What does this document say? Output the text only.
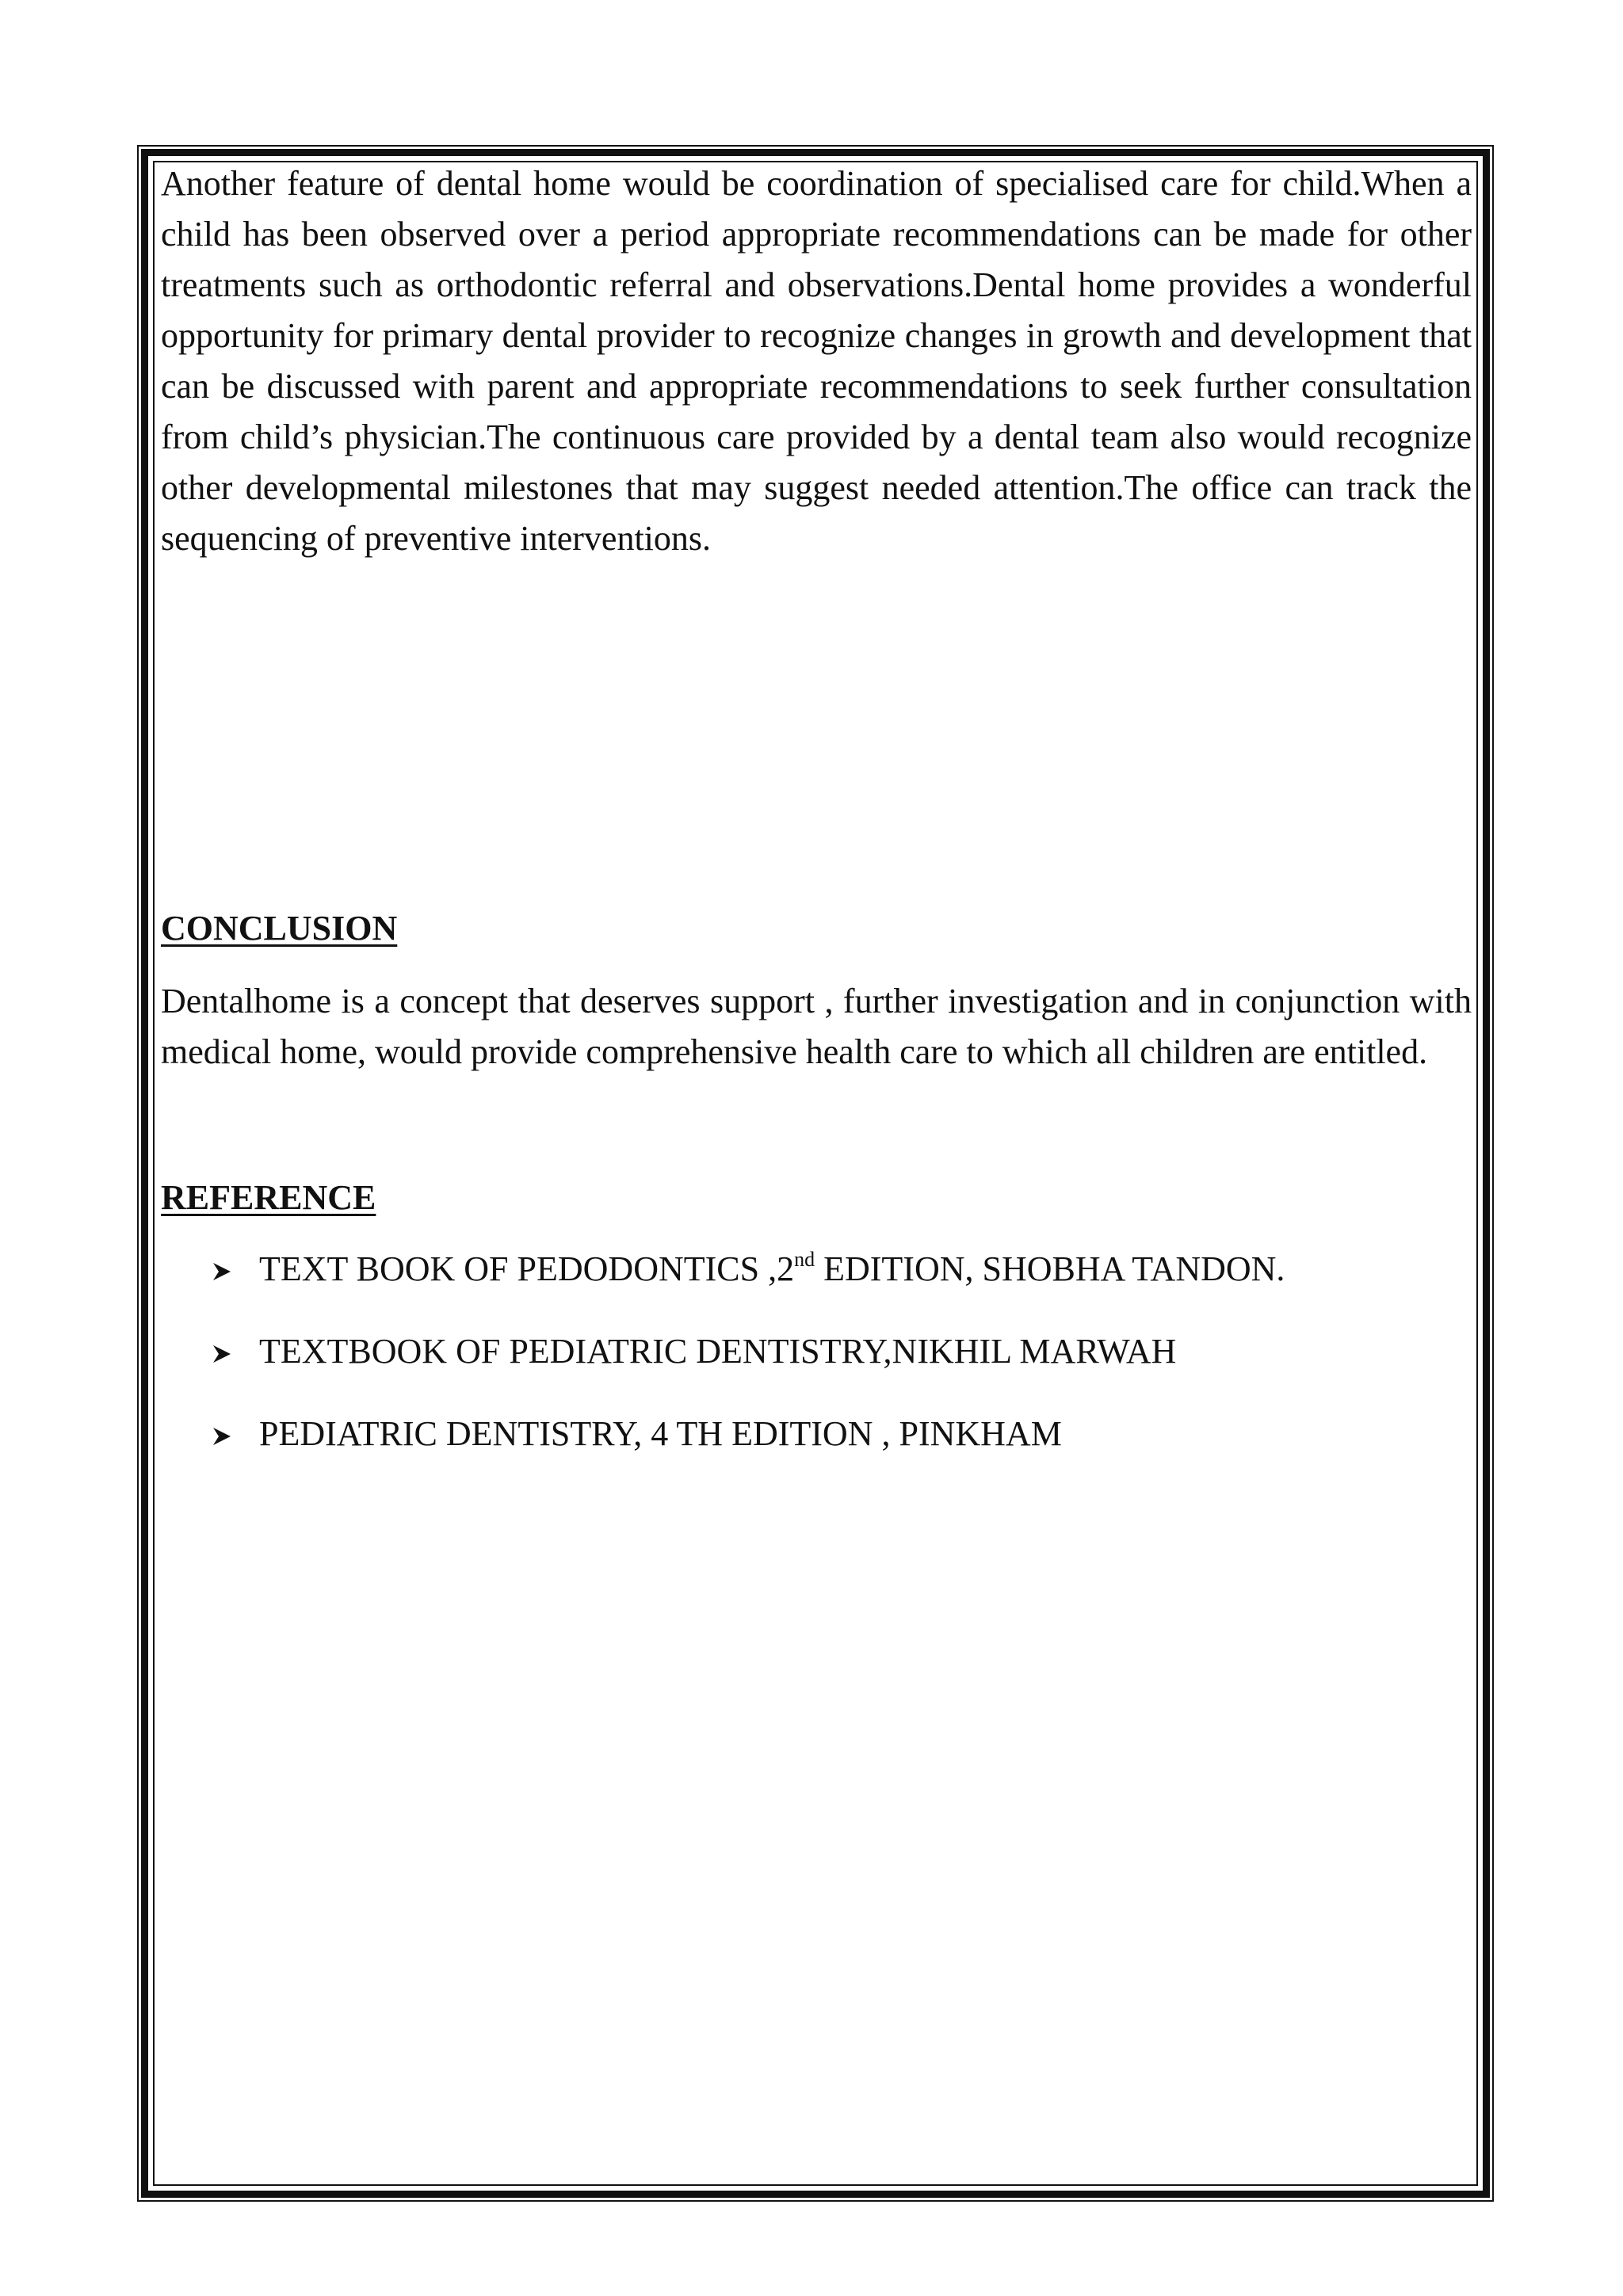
Another feature of dental home would be coordination of specialised care for child.When a child has been observed over a period appropriate recommendations can be made for other treatments such as orthodontic referral and observations.Dental home provides a wonderful opportunity for primary dental provider to recognize changes in growth and development that can be discussed with parent and appropriate recommendations to seek further consultation from child’s physician.The continuous care provided by a dental team also would recognize other developmental milestones that may suggest needed attention.The office can track the sequencing of preventive interventions.

CONCLUSION

Dentalhome is a concept that deserves support , further investigation and in conjunction with medical home, would provide comprehensive health care to which all children are entitled.

REFERENCE
TEXT BOOK OF PEDODONTICS ,2nd EDITION, SHOBHA TANDON.
TEXTBOOK OF PEDIATRIC DENTISTRY,NIKHIL MARWAH
PEDIATRIC DENTISTRY, 4 TH EDITION , PINKHAM
